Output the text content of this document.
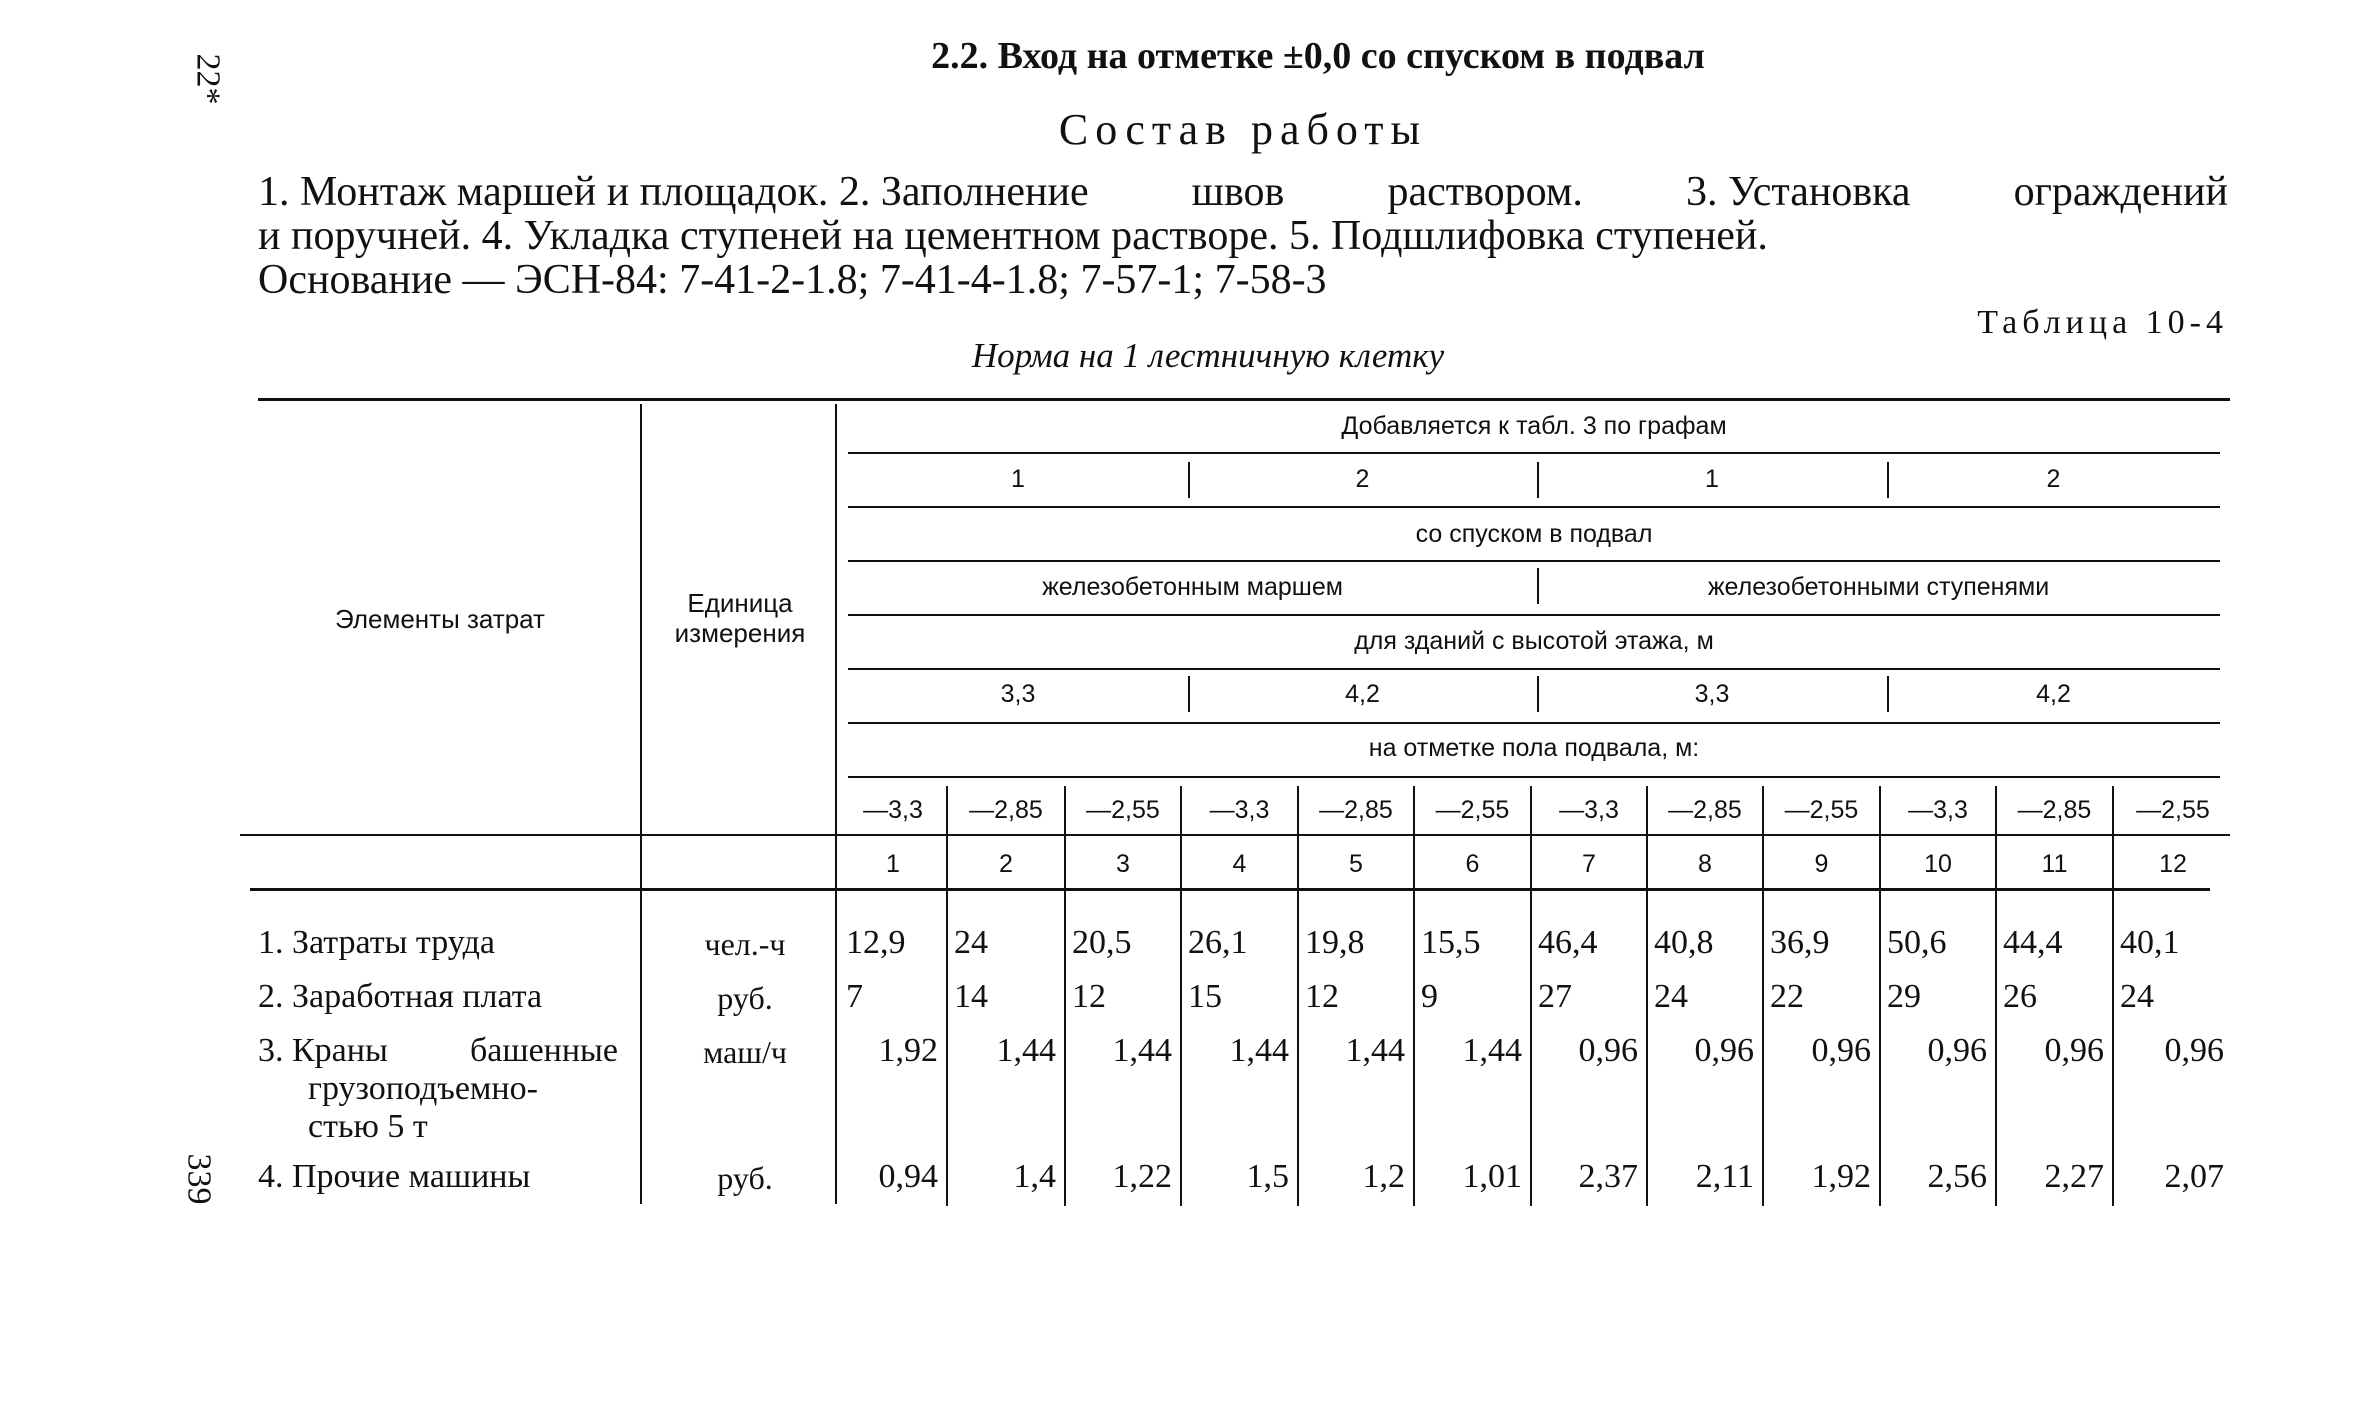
22*
339
2.2. Вход на отметке ±0,0 со спуском в подвал
Состав работы
1. Монтаж маршей и площадок. 2. Заполнение швов раствором. 3. Установка ограждений
и поручней. 4. Укладка ступеней на цементном растворе. 5. Подшлифовка ступеней.
Основание — ЭСН-84: 7-41-2-1.8; 7-41-4-1.8; 7-57-1; 7-58-3
Таблица 10-4
Норма на 1 лестничную клетку
Элементы затрат
Единица
измерения
Добавляется к табл. 3 по графам
1	2	1	2
со спуском в подвал
железобетонным маршем	железобетонными ступенями
для зданий с высотой этажа, м
3,3	4,2	3,3	4,2
на отметке пола подвала, м:
—3,3	—2,85	—2,55	—3,3	—2,85	—2,55	—3,3	—2,85	—2,55	—3,3	—2,85	—2,55
1	2	3	4	5	6	7	8	9	10	11	12
1. Затраты труда	чел.-ч	12,9	24	20,5	26,1	19,8	15,5	46,4	40,8	36,9	50,6	44,4	40,1
2. Заработная плата	руб.	7	14	12	15	12	9	27	24	22	29	26	24
3. Краны башенные
грузоподъемно-
стью 5 т
маш/ч	1,92	1,44	1,44	1,44	1,44	1,44	0,96	0,96	0,96	0,96	0,96	0,96
4. Прочие машины	руб.	0,94	1,4	1,22	1,5	1,2	1,01	2,37	2,11	1,92	2,56	2,27	2,07
